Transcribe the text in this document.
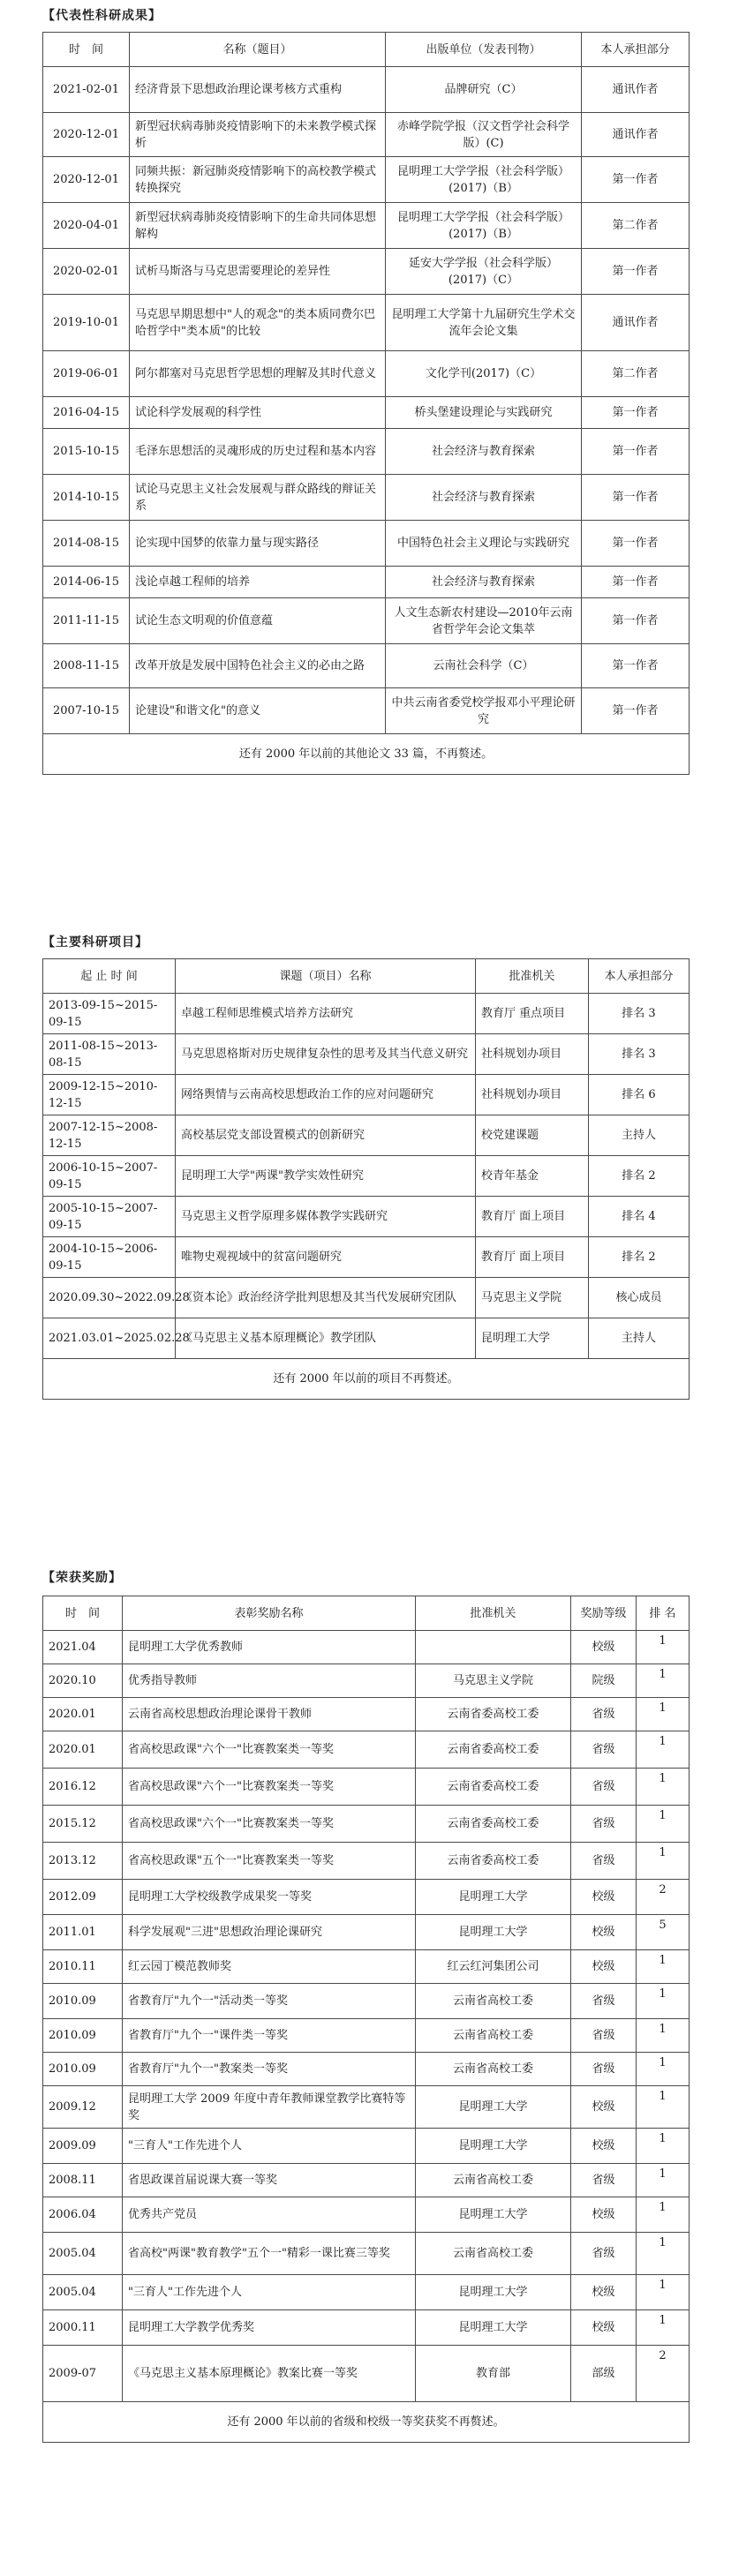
【代表性科研成果】
时　间	名称（题目）	出版单位（发表刊物）	本人承担部分
2021-02-01	经济背景下思想政治理论课考核方式重构	品牌研究（C）	通讯作者
2020-12-01	新型冠状病毒肺炎疫情影响下的未来教学模式探析	赤峰学院学报（汉文哲学社会科学版）(C)	通讯作者
2020-12-01	同频共振：新冠肺炎疫情影响下的高校教学模式转换探究	昆明理工大学学报（社会科学版）(2017)（B）	第一作者
2020-04-01	新型冠状病毒肺炎疫情影响下的生命共同体思想解构	昆明理工大学学报（社会科学版）(2017)（B）	第二作者
2020-02-01	试析马斯洛与马克思需要理论的差异性	延安大学学报（社会科学版）(2017)（C）	第一作者
2019-10-01	马克思早期思想中"人的观念"的类本质同费尔巴哈哲学中"类本质"的比较	昆明理工大学第十九届研究生学术交流年会论文集	通讯作者
2019-06-01	阿尔都塞对马克思哲学思想的理解及其时代意义	文化学刊(2017)（C）	第二作者
2016-04-15	试论科学发展观的科学性	桥头堡建设理论与实践研究	第一作者
2015-10-15	毛泽东思想活的灵魂形成的历史过程和基本内容	社会经济与教育探索	第一作者
2014-10-15	试论马克思主义社会发展观与群众路线的辩证关系	社会经济与教育探索	第一作者
2014-08-15	论实现中国梦的依靠力量与现实路径	中国特色社会主义理论与实践研究	第一作者
2014-06-15	浅论卓越工程师的培养	社会经济与教育探索	第一作者
2011-11-15	试论生态文明观的价值意蕴	人文生态新农村建设—2010年云南省哲学年会论文集萃	第一作者
2008-11-15	改革开放是发展中国特色社会主义的必由之路	云南社会科学（C）	第一作者
2007-10-15	论建设"和谐文化"的意义	中共云南省委党校学报邓小平理论研究	第一作者
还有 2000 年以前的其他论文 33 篇，不再赘述。			
【主要科研项目】
起 止 时 间	课题（项目）名称	批准机关	本人承担部分
2013-09-15~2015-09-15	卓越工程师思维模式培养方法研究	教育厅 重点项目	排名 3
2011-08-15~2013-08-15	马克思恩格斯对历史规律复杂性的思考及其当代意义研究	社科规划办项目	排名 3
2009-12-15~2010-12-15	网络舆情与云南高校思想政治工作的应对问题研究	社科规划办项目	排名 6
2007-12-15~2008-12-15	高校基层党支部设置模式的创新研究	校党建课题	主持人
2006-10-15~2007-09-15	昆明理工大学"两课"教学实效性研究	校青年基金	排名 2
2005-10-15~2007-09-15	马克思主义哲学原理多媒体教学实践研究	教育厅 面上项目	排名 4
2004-10-15~2006-09-15	唯物史观视域中的贫富问题研究	教育厅 面上项目	排名 2
2020.09.30~2022.09.28	《资本论》政治经济学批判思想及其当代发展研究团队	马克思主义学院	核心成员
2021.03.01~2025.02.28	《马克思主义基本原理概论》教学团队	昆明理工大学	主持人
还有 2000 年以前的项目不再赘述。			
【荣获奖励】
时　间	表彰奖励名称	批准机关	奖励等级	排 名
2021.04	昆明理工大学优秀教师		校级	1
2020.10	优秀指导教师	马克思主义学院	院级	1
2020.01	云南省高校思想政治理论课骨干教师	云南省委高校工委	省级	1
2020.01	省高校思政课"六个一"比赛教案类一等奖	云南省委高校工委	省级	1
2016.12	省高校思政课"六个一"比赛教案类一等奖	云南省委高校工委	省级	1
2015.12	省高校思政课"六个一"比赛教案类一等奖	云南省委高校工委	省级	1
2013.12	省高校思政课"五个一"比赛教案类一等奖	云南省委高校工委	省级	1
2012.09	昆明理工大学校级教学成果奖一等奖	昆明理工大学	校级	2
2011.01	科学发展观"三进"思想政治理论课研究	昆明理工大学	校级	5
2010.11	红云园丁模范教师奖	红云红河集团公司	校级	1
2010.09	省教育厅"九个一"活动类一等奖	云南省高校工委	省级	1
2010.09	省教育厅"九个一"课件类一等奖	云南省高校工委	省级	1
2010.09	省教育厅"九个一"教案类一等奖	云南省高校工委	省级	1
2009.12	昆明理工大学 2009 年度中青年教师课堂教学比赛特等奖	昆明理工大学	校级	1
2009.09	"三育人"工作先进个人	昆明理工大学	校级	1
2008.11	省思政课首届说课大赛一等奖	云南省高校工委	省级	1
2006.04	优秀共产党员	昆明理工大学	校级	1
2005.04	省高校"两课"教育教学"五个一"精彩一课比赛三等奖	云南省高校工委	省级	1
2005.04	"三育人"工作先进个人	昆明理工大学	校级	1
2000.11	昆明理工大学教学优秀奖	昆明理工大学	校级	1
2009-07	《马克思主义基本原理概论》教案比赛一等奖	教育部	部级	2
还有 2000 年以前的省级和校级一等奖获奖不再赘述。				
